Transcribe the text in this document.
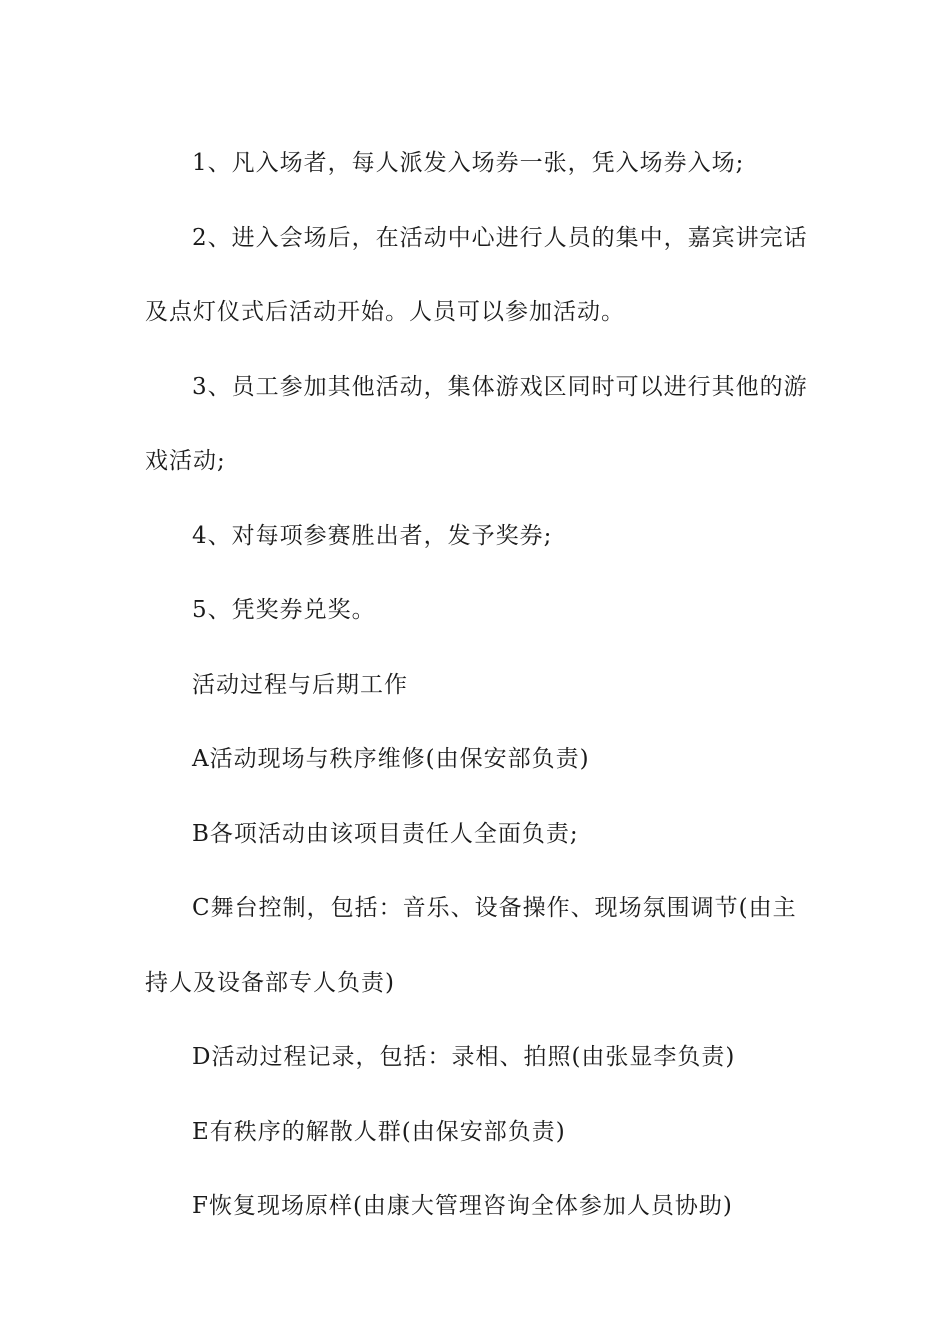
1、凡入场者，每人派发入场券一张，凭入场券入场;
2、进入会场后，在活动中心进行人员的集中，嘉宾讲完话
及点灯仪式后活动开始。人员可以参加活动。
3、员工参加其他活动，集体游戏区同时可以进行其他的游
戏活动;
4、对每项参赛胜出者，发予奖券;
5、凭奖券兑奖。
活动过程与后期工作
A活动现场与秩序维修(由保安部负责)
B各项活动由该项目责任人全面负责;
C舞台控制，包括：音乐、设备操作、现场氛围调节(由主
持人及设备部专人负责)
D活动过程记录，包括：录相、拍照(由张显李负责)
E有秩序的解散人群(由保安部负责)
F恢复现场原样(由康大管理咨询全体参加人员协助)
